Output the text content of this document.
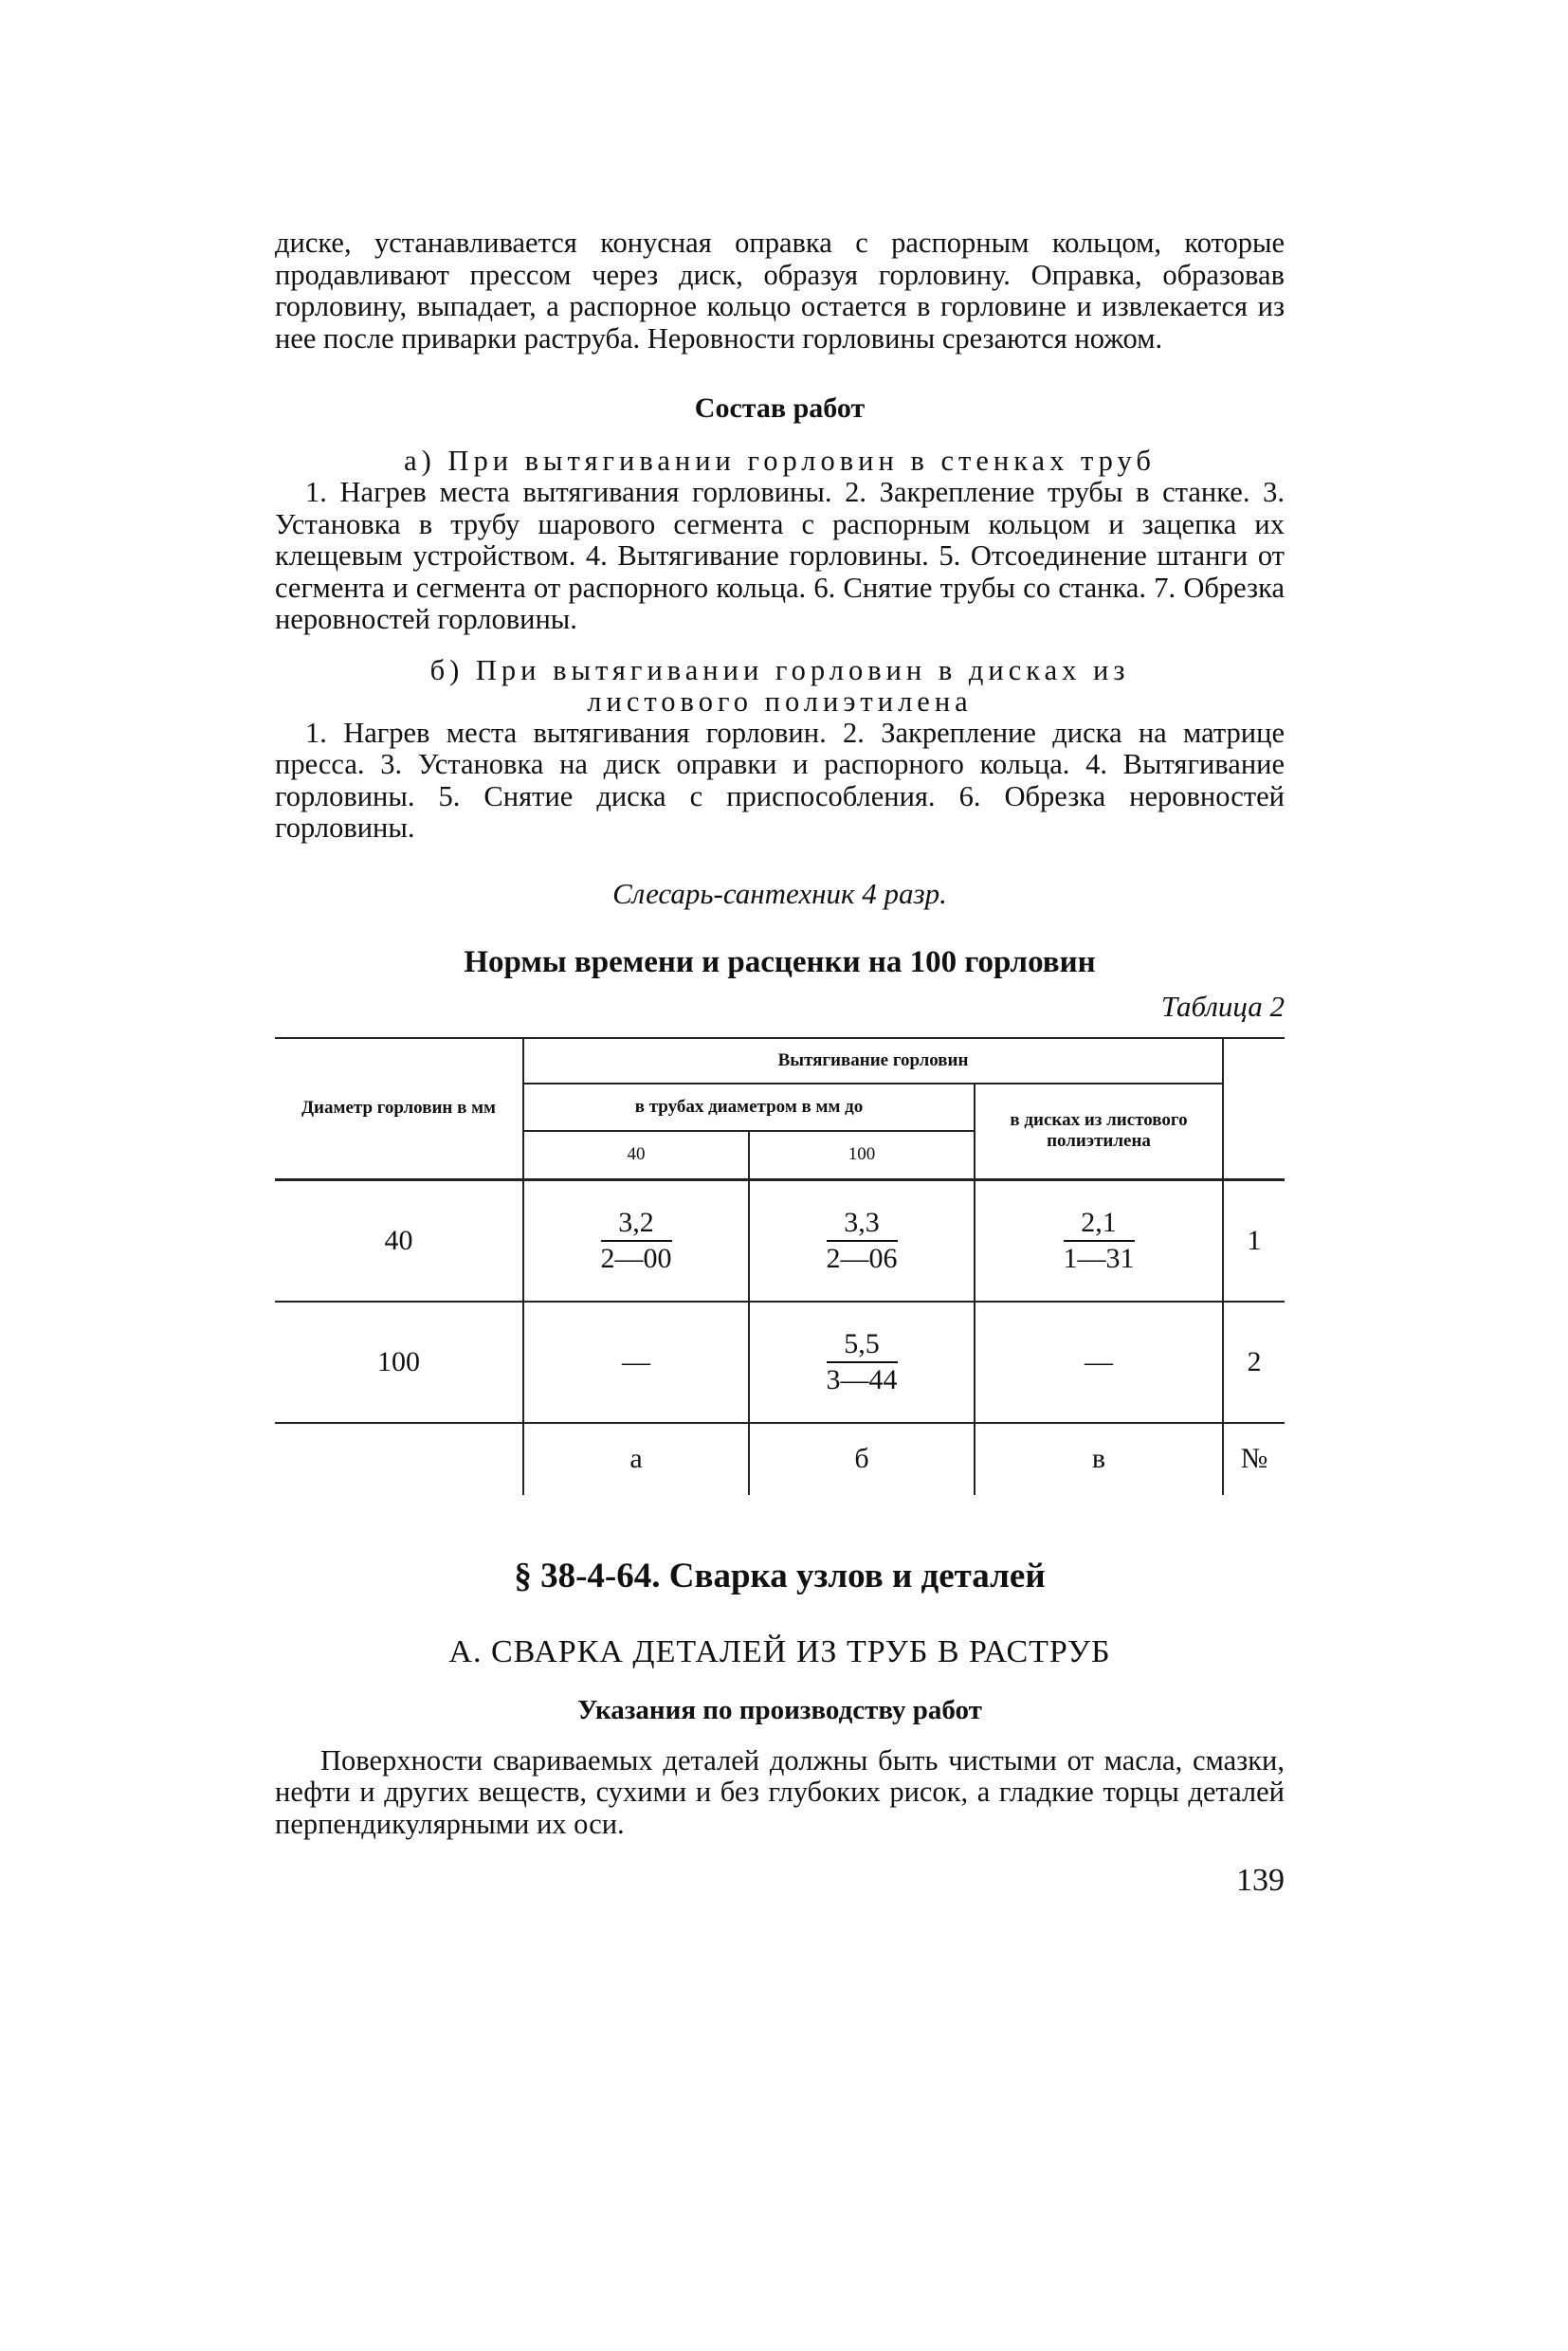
диске, устанавливается конусная оправка с распорным кольцом, которые продавливают прессом через диск, образуя горловину. Оправка, образовав горловину, выпадает, а распорное кольцо остается в горловине и извлекается из нее после приварки раструба. Неровности горловины срезаются ножом.

Состав работ

а) При вытягивании горловин в стенках труб

1. Нагрев места вытягивания горловины. 2. Закрепление трубы в станке. 3. Установка в трубу шарового сегмента с распорным кольцом и зацепка их клещевым устройством. 4. Вытягивание горловины. 5. Отсоединение штанги от сегмента и сегмента от распорного кольца. 6. Снятие трубы со станка. 7. Обрезка неровностей горловины.

б) При вытягивании горловин в дисках из

листового полиэтилена

1. Нагрев места вытягивания горловин. 2. Закрепление диска на матрице пресса. 3. Установка на диск оправки и распорного кольца. 4. Вытягивание горловины. 5. Снятие диска с приспособления. 6. Обрезка неровностей горловины.

Слесарь-сантехник 4 разр.

Нормы времени и расценки на 100 горловин

Таблица 2

Диаметр горловин в мм	Вытягивание горловин			
	в трубах диаметром в мм до		в дисках из листового полиэтилена	
	40	100		
40	$\frac{3,2}{2—00}$	$\frac{3,3}{2—06}$	$\frac{2,1}{1—31}$	1
100	—	$\frac{5,5}{3—44}$	—	2
	а	б	в	№

§ 38-4-64. Сварка узлов и деталей

А. СВАРКА ДЕТАЛЕЙ ИЗ ТРУБ В РАСТРУБ

Указания по производству работ

Поверхности свариваемых деталей должны быть чистыми от масла, смазки, нефти и других веществ, сухими и без глубоких рисок, а гладкие торцы деталей перпендикулярными их оси.

139
